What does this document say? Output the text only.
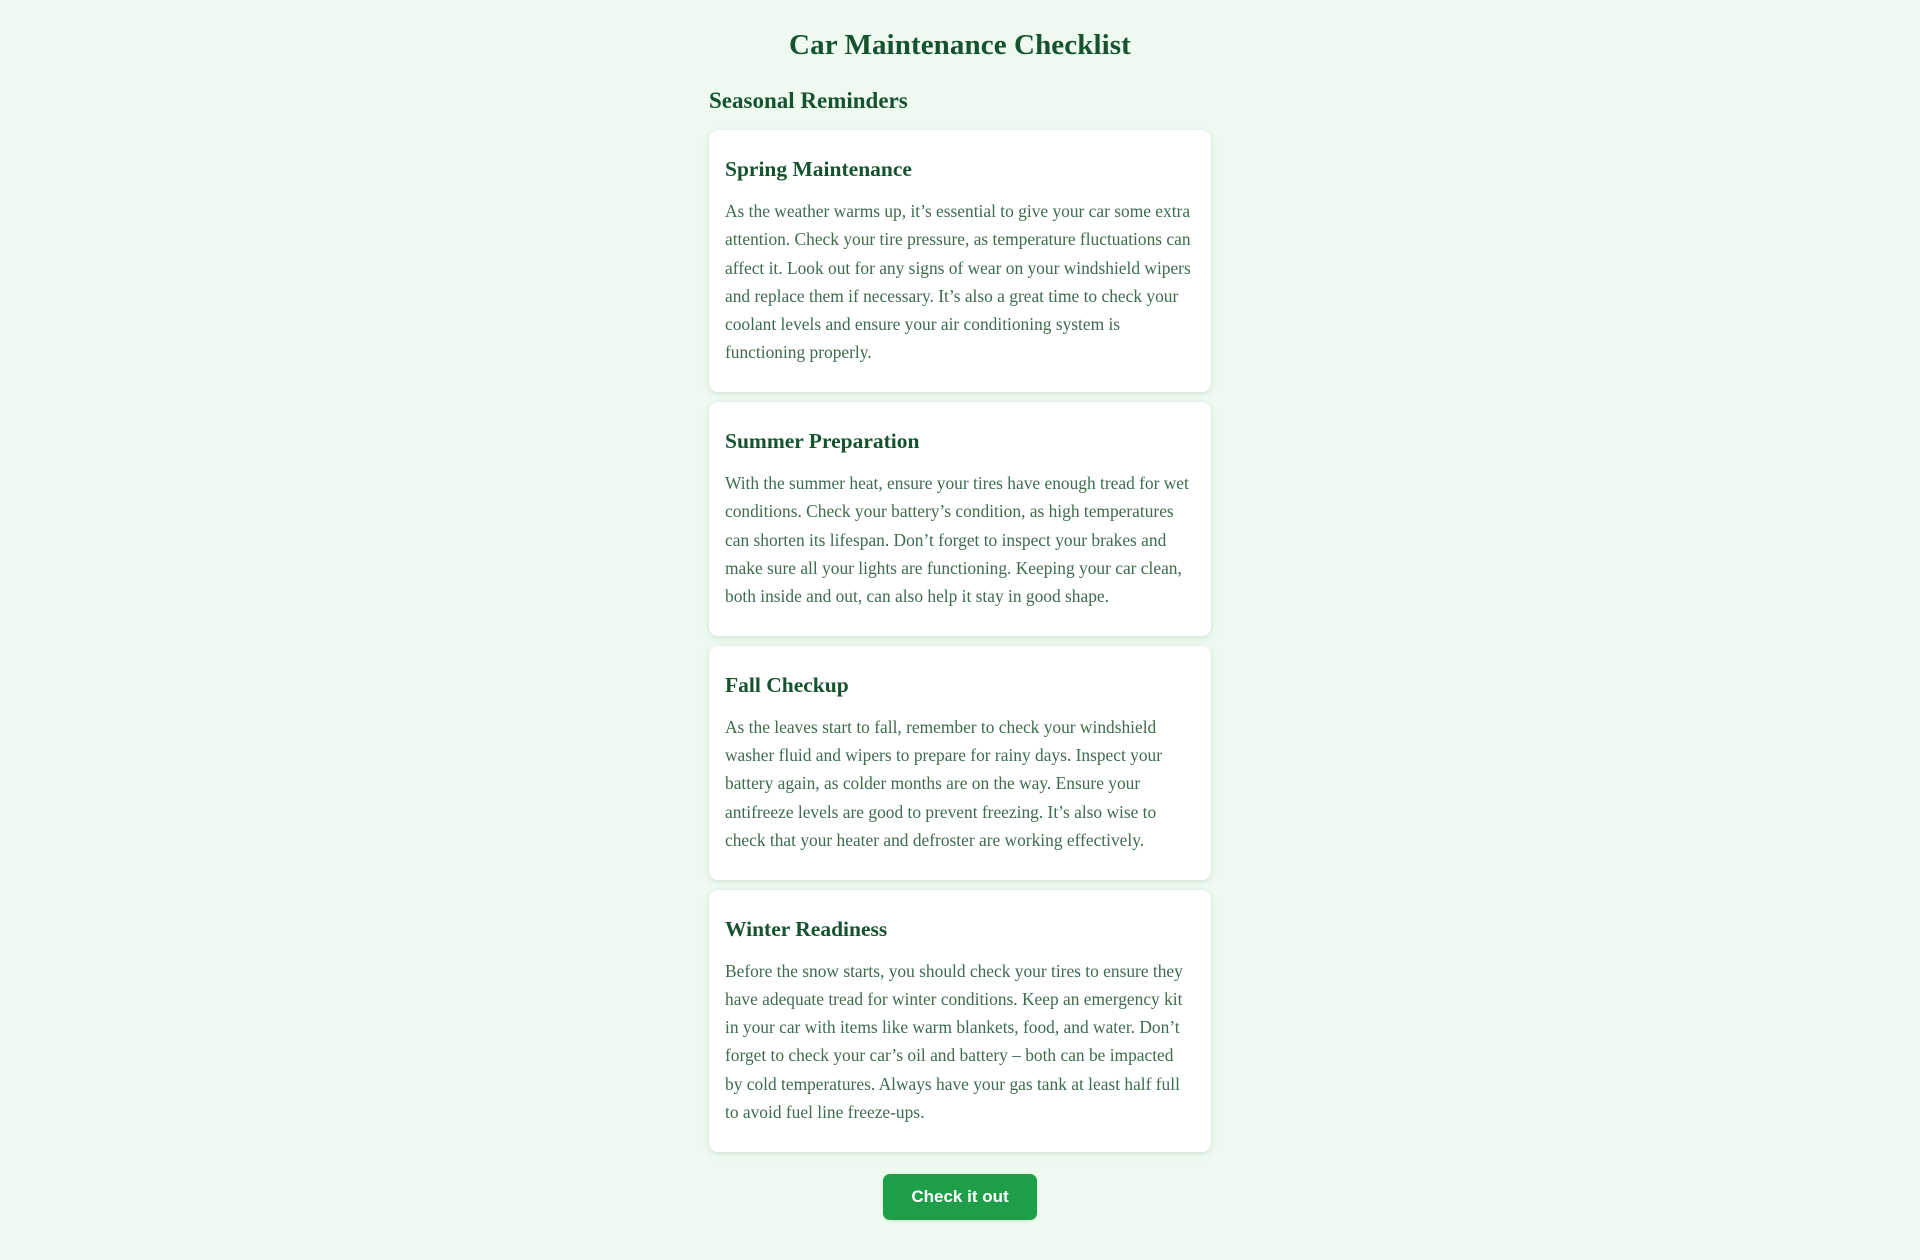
Car Maintenance Checklist
Seasonal Reminders
Spring Maintenance

As the weather warms up, it’s essential to give your car some extra attention. Check your tire pressure, as temperature fluctuations can affect it. Look out for any signs of wear on your windshield wipers and replace them if necessary. It’s also a great time to check your coolant levels and ensure your air conditioning system is functioning properly.

Summer Preparation

With the summer heat, ensure your tires have enough tread for wet conditions. Check your battery’s condition, as high temperatures can shorten its lifespan. Don’t forget to inspect your brakes and make sure all your lights are functioning. Keeping your car clean, both inside and out, can also help it stay in good shape.

Fall Checkup

As the leaves start to fall, remember to check your windshield washer fluid and wipers to prepare for rainy days. Inspect your battery again, as colder months are on the way. Ensure your antifreeze levels are good to prevent freezing. It’s also wise to check that your heater and defroster are working effectively.

Winter Readiness

Before the snow starts, you should check your tires to ensure they have adequate tread for winter conditions. Keep an emergency kit in your car with items like warm blankets, food, and water. Don’t forget to check your car’s oil and battery – both can be impacted by cold temperatures. Always have your gas tank at least half full to avoid fuel line freeze-ups.

Check it out
